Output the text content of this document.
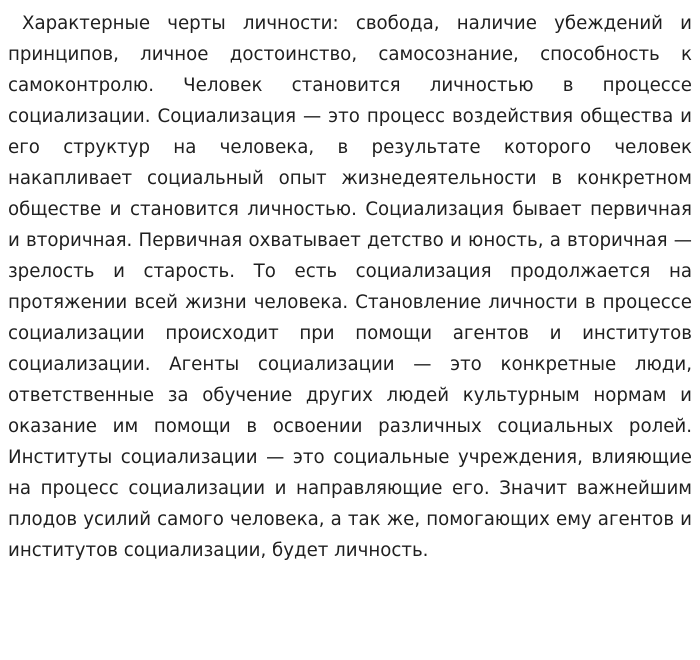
Характерные черты личности: свобода, наличие убеждений и принципов, личное достоинство, самосознание, способность к самоконтролю. Человек становится личностью в процессе социализации. Социализация — это процесс воздействия общества и его структур на человека, в результате которого человек накапливает социальный опыт жизнедеятельности в конкретном обществе и становится личностью. Социализация бывает первичная и вторичная. Первичная охватывает детство и юность, а вторичная — зрелость и старость. То есть социализация продолжается на протяжении всей жизни человека. Становление личности в процессе социализации происходит при помощи агентов и институтов социализации. Агенты социализации — это конкретные люди, ответственные за обучение других людей культурным нормам и оказание им помощи в освоении различных социальных ролей. Институты социализации — это социальные учреждения, влияющие на процесс социализации и направляющие его. Значит важнейшим плодов усилий самого человека, а так же, помогающих ему агентов и институтов социализации, будет личность.
